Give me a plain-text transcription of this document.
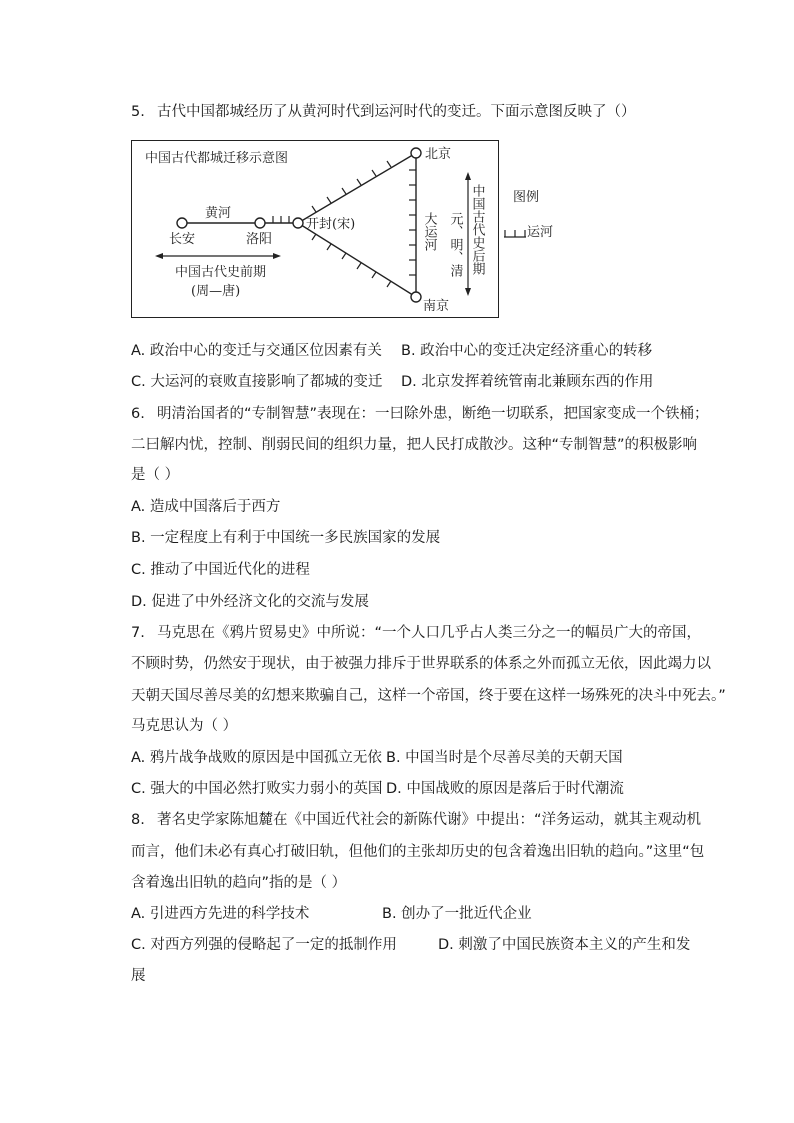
5. 古代中国都城经历了从黄河时代到运河时代的变迁。下面示意图反映了（）
中国古代都城迁移示意图
长安	洛阳
开封(宋)
北京
南京
黄河	大运河 元、明、清 中国古代史后期
中国古代史前期
(周—唐)
图例
运河
A. 政治中心的变迁与交通区位因素有关 B. 政治中心的变迁决定经济重心的转移
C. 大运河的衰败直接影响了都城的变迁 D. 北京发挥着统管南北兼顾东西的作用
6. 明清治国者的“专制智慧”表现在：一曰除外患，断绝一切联系，把国家变成一个铁桶；
二曰解内忧，控制、削弱民间的组织力量，把人民打成散沙。这种“专制智慧”的积极影响
是（ ）
A. 造成中国落后于西方
B. 一定程度上有利于中国统一多民族国家的发展
C. 推动了中国近代化的进程
D. 促进了中外经济文化的交流与发展
7. 马克思在《鸦片贸易史》中所说：“一个人口几乎占人类三分之一的幅员广大的帝国，
不顾时势，仍然安于现状，由于被强力排斥于世界联系的体系之外而孤立无依，因此竭力以
天朝天国尽善尽美的幻想来欺骗自己，这样一个帝国，终于要在这样一场殊死的决斗中死去。”
马克思认为（ ）
A. 鸦片战争战败的原因是中国孤立无依 B. 中国当时是个尽善尽美的天朝天国
C. 强大的中国必然打败实力弱小的英国 D. 中国战败的原因是落后于时代潮流
8. 著名史学家陈旭麓在《中国近代社会的新陈代谢》中提出：“洋务运动，就其主观动机
而言，他们未必有真心打破旧轨，但他们的主张却历史的包含着逸出旧轨的趋向。”这里“包
含着逸出旧轨的趋向”指的是（ ）
A. 引进西方先进的科学技术	B. 创办了一批近代企业
C. 对西方列强的侵略起了一定的抵制作用	D. 刺激了中国民族资本主义的产生和发
展
